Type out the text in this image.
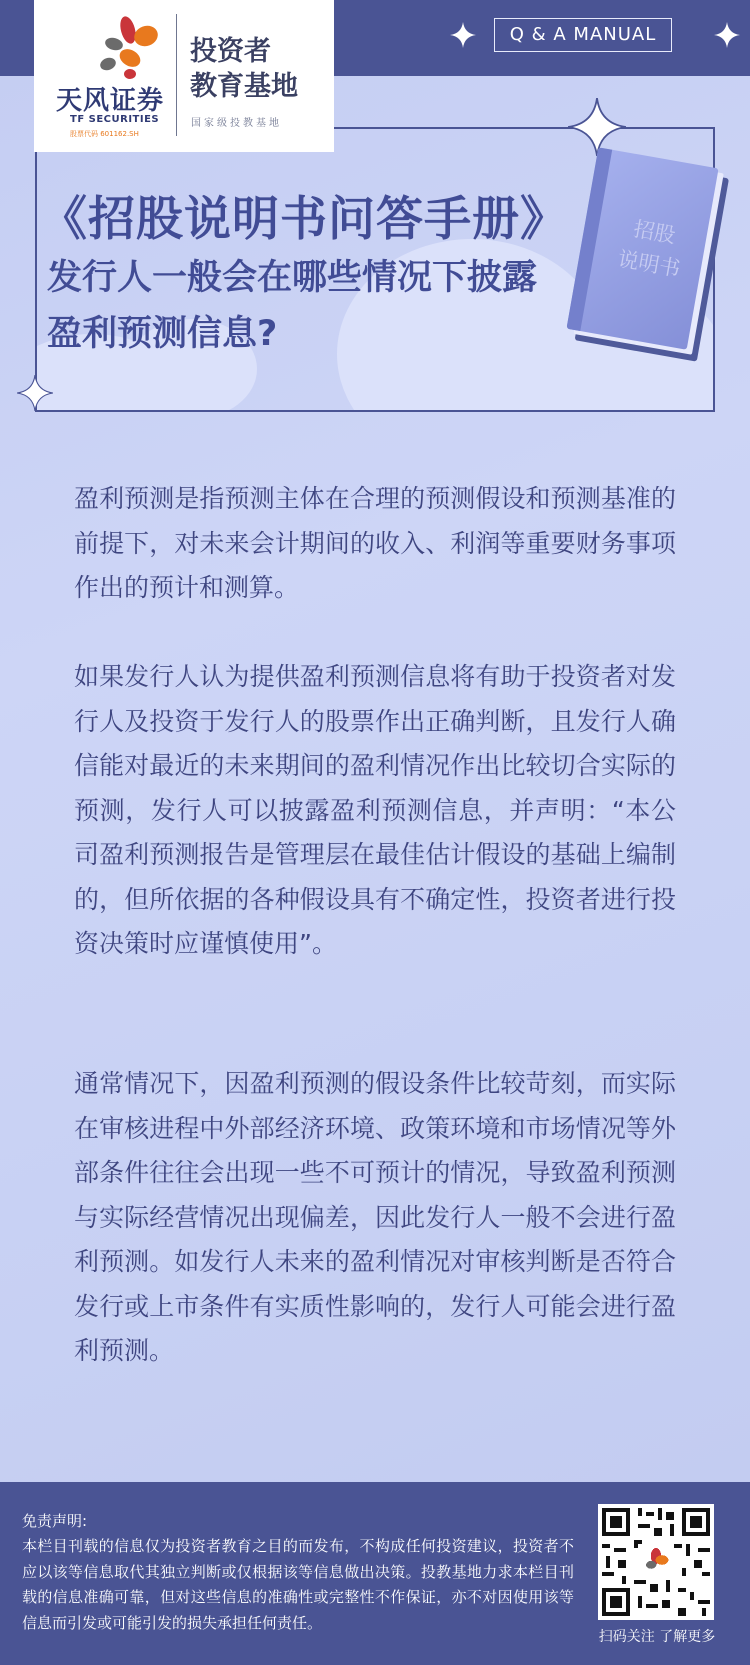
Q & A MANUAL
天风证券
TF SECURITIES
股票代码 601162.SH
投资者
教育基地
国家级投教基地
招股
说明书
《招股说明书问答手册》
发行人一般会在哪些情况下披露
盈利预测信息?

盈利预测是指预测主体在合理的预测假设和预测基准的前提下，对未来会计期间的收入、利润等重要财务事项作出的预计和测算。

如果发行人认为提供盈利预测信息将有助于投资者对发行人及投资于发行人的股票作出正确判断，且发行人确信能对最近的未来期间的盈利情况作出比较切合实际的预测，发行人可以披露盈利预测信息，并声明：“本公司盈利预测报告是管理层在最佳估计假设的基础上编制的，但所依据的各种假设具有不确定性，投资者进行投资决策时应谨慎使用”。

通常情况下，因盈利预测的假设条件比较苛刻，而实际在审核进程中外部经济环境、政策环境和市场情况等外部条件往往会出现一些不可预计的情况，导致盈利预测与实际经营情况出现偏差，因此发行人一般不会进行盈利预测。如发行人未来的盈利情况对审核判断是否符合发行或上市条件有实质性影响的，发行人可能会进行盈利预测。

免责声明:
本栏目刊载的信息仅为投资者教育之目的而发布，不构成任何投资建议，投资者不应以该等信息取代其独立判断或仅根据该等信息做出决策。投教基地力求本栏目刊载的信息准确可靠，但对这些信息的准确性或完整性不作保证，亦不对因使用该等信息而引发或可能引发的损失承担任何责任。
扫码关注 了解更多
